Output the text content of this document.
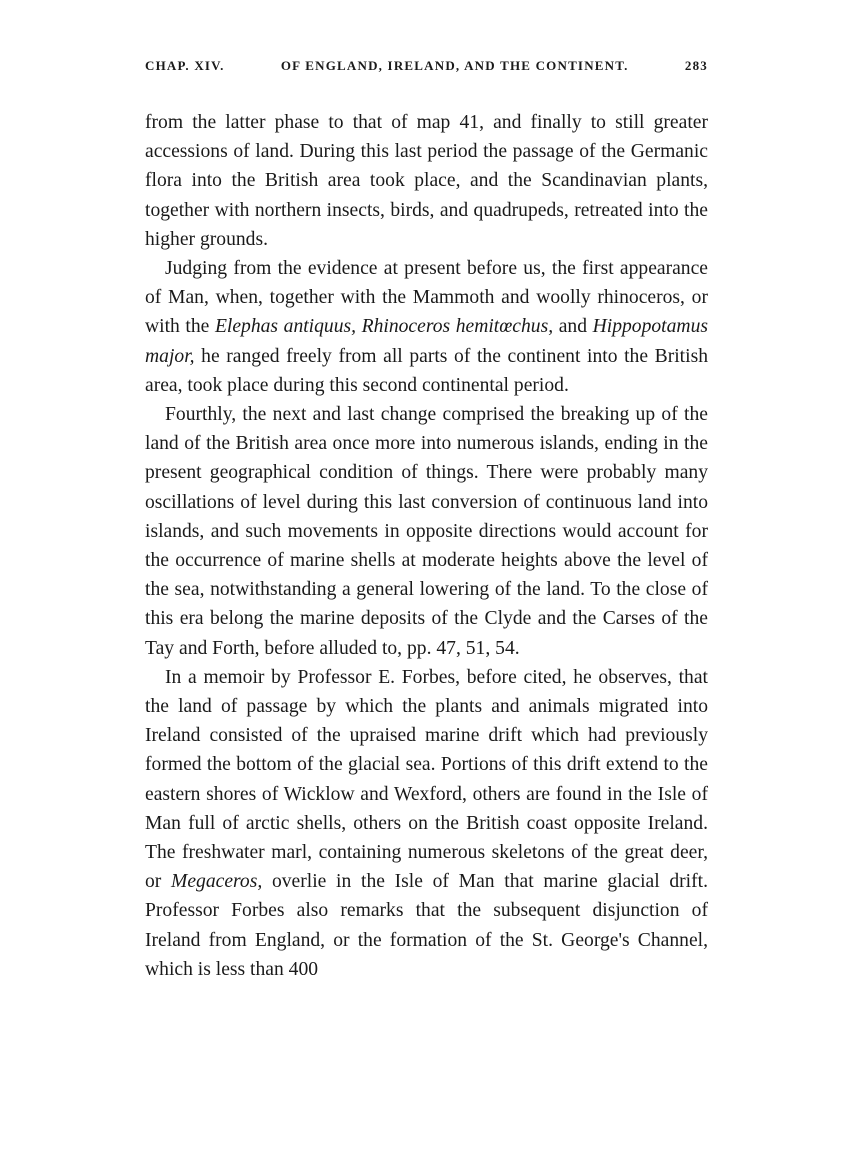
CHAP. XIV.	OF ENGLAND, IRELAND, AND THE CONTINENT.	283

from the latter phase to that of map 41, and finally to still greater accessions of land. During this last period the passage of the Germanic flora into the British area took place, and the Scandinavian plants, together with northern insects, birds, and quadrupeds, retreated into the higher grounds.

Judging from the evidence at present before us, the first appearance of Man, when, together with the Mammoth and woolly rhinoceros, or with the Elephas antiquus, Rhinoceros hemitœchus, and Hippopotamus major, he ranged freely from all parts of the continent into the British area, took place during this second continental period.

Fourthly, the next and last change comprised the breaking up of the land of the British area once more into numerous islands, ending in the present geographical condition of things. There were probably many oscillations of level during this last conversion of continuous land into islands, and such movements in opposite directions would account for the occurrence of marine shells at moderate heights above the level of the sea, notwithstanding a general lowering of the land. To the close of this era belong the marine deposits of the Clyde and the Carses of the Tay and Forth, before alluded to, pp. 47, 51, 54.

In a memoir by Professor E. Forbes, before cited, he observes, that the land of passage by which the plants and animals migrated into Ireland consisted of the upraised marine drift which had previously formed the bottom of the glacial sea. Portions of this drift extend to the eastern shores of Wicklow and Wexford, others are found in the Isle of Man full of arctic shells, others on the British coast opposite Ireland. The freshwater marl, containing numerous skeletons of the great deer, or Megaceros, overlie in the Isle of Man that marine glacial drift. Professor Forbes also remarks that the subsequent disjunction of Ireland from England, or the formation of the St. George's Channel, which is less than 400
